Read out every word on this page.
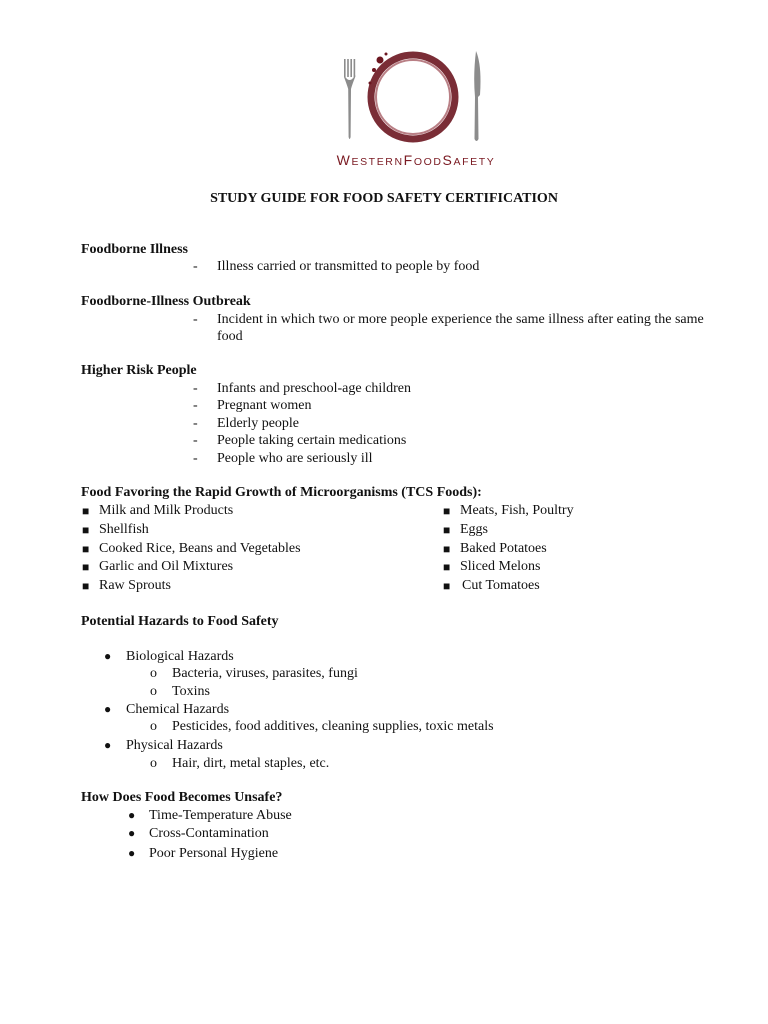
WESTERNFOODSAFETY
STUDY GUIDE FOR FOOD SAFETY CERTIFICATION
Foodborne Illness
- Illness carried or transmitted to people by food
Foodborne-Illness Outbreak
- Incident in which two or more people experience the same illness after eating the same
food
Higher Risk People
- Infants and preschool-age children
- Pregnant women
- Elderly people
- People taking certain medications
- People who are seriously ill
Food Favoring the Rapid Growth of Microorganisms (TCS Foods):
■ Milk and Milk Products
■ Shellfish
■ Cooked Rice, Beans and Vegetables
■ Garlic and Oil Mixtures
■ Raw Sprouts
■ Meats, Fish, Poultry
■ Eggs
■ Baked Potatoes
■ Sliced Melons
■ Cut Tomatoes
Potential Hazards to Food Safety
● Biological Hazards
o Bacteria, viruses, parasites, fungi
o Toxins
● Chemical Hazards
o Pesticides, food additives, cleaning supplies, toxic metals
● Physical Hazards
o Hair, dirt, metal staples, etc.
How Does Food Becomes Unsafe?
● Time-Temperature Abuse
● Cross-Contamination
● Poor Personal Hygiene
